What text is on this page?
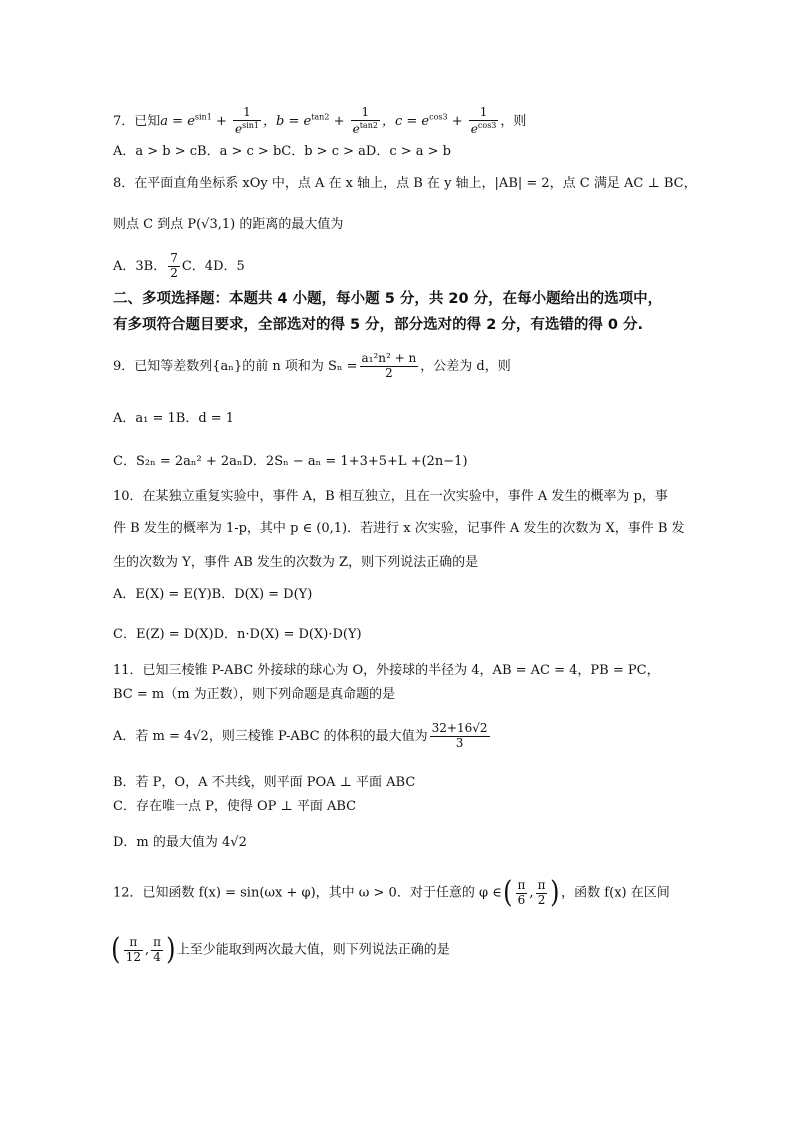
7．已知$a = e^{sin1} + \frac{1}{e^{sin1}}$ ，$b = e^{tan2} + \frac{1}{e^{tan2}}$ ，$c = e^{cos3} + \frac{1}{e^{cos3}}$ ，则
A．a > b > cB．a > c > bC．b > c > aD．c > a > b
8．在平面直角坐标系 xOy 中，点 A 在 x 轴上，点 B 在 y 轴上，|AB| = 2，点 C 满足 AC ⊥ BC，
则点 C 到点 P(√3,1) 的距离的最大值为
A．3B． $\frac{7}{2}$ C．4D．5
二、多项选择题：本题共 4 小题，每小题 5 分，共 20 分，在每小题给出的选项中，
有多项符合题目要求，全部选对的得 5 分，部分选对的得 2 分，有选错的得 0 分.
9．已知等差数列{aₙ}的前 n 项和为 $S_n = \frac{\text{a₁²n² + n}}{2}$ ，公差为 d，则
A．a₁ = 1B．d = 1
C．S₂ₙ = 2aₙ² + 2aₙD．2Sₙ − aₙ = 1+3+5+L +(2n−1)
10．在某独立重复实验中，事件 A，B 相互独立，且在一次实验中，事件 A 发生的概率为 p，事
件 B 发生的概率为 1-p，其中 p ∈ (0,1)．若进行 x 次实验，记事件 A 发生的次数为 X，事件 B 发
生的次数为 Y，事件 AB 发生的次数为 Z，则下列说法正确的是
A．E(X) = E(Y)B．D(X) = D(Y)
C．E(Z) = D(X)D．n·D(X) = D(X)·D(Y)
11．已知三棱锥 P-ABC 外接球的球心为 O，外接球的半径为 4，AB = AC = 4，PB = PC，
BC = m（m 为正数），则下列命题是真命题的是
A．若 m = 4√2，则三棱锥 P-ABC 的体积的最大值为 $\frac{32+16√2}{3}$
B．若 P，O，A 不共线，则平面 POA ⊥ 平面 ABC
C．存在唯一点 P，使得 OP ⊥ 平面 ABC
D．m 的最大值为 4√2
12．已知函数 f(x) = sin(ωx + φ)，其中 ω > 0．对于任意的 φ ∈( $\frac{\pi}{6}$ , $\frac{\pi}{2}$ )，函数 f(x) 在区间
( $\frac{\pi}{12}$ , $\frac{\pi}{4}$ )上至少能取到两次最大值，则下列说法正确的是
